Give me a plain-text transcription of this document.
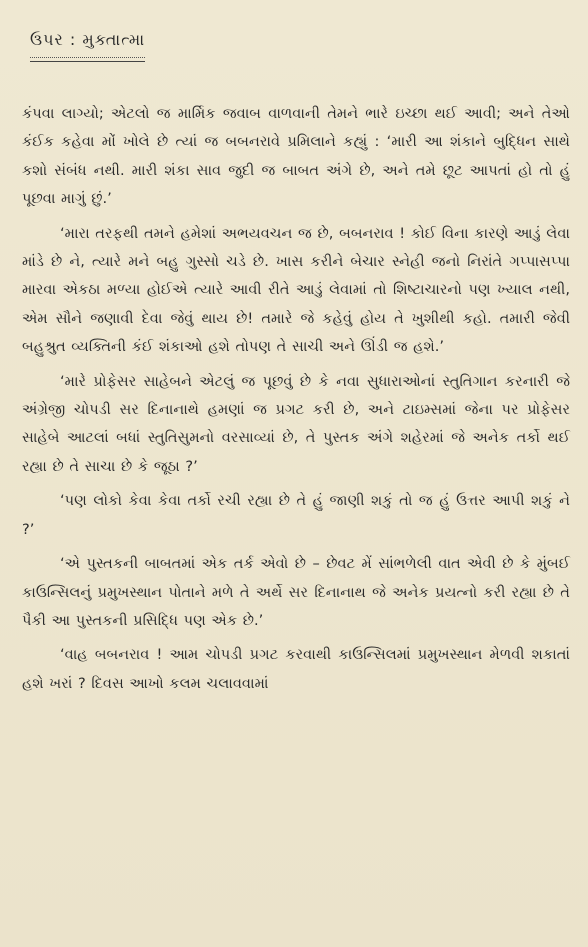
ઉપર : મુક્તાત્મા

કંપવા લાગ્યો; એટલો જ માર્મિક જવાબ વાળવાની તેમને ભારે ઇચ્છા થઈ આવી; અને તેઓ કંઈક કહેવા મોં ખોલે છે ત્યાં જ બબનરાવે પ્રમિલાને કહ્યું : ‘મારી આ શંકાને બુદ્ધિન સાથે કશો સંબંધ નથી. મારી શંકા સાવ જુદી જ બાબત અંગે છે, અને તમે છૂટ આપતાં હો તો હું પૂછવા માગું છું.’

‘મારા તરફથી તમને હમેશાં અભયવચન જ છે, બબનરાવ ! કોઈ વિના કારણે આડું લેવા માંડે છે ને, ત્યારે મને બહુ ગુસ્સો ચડે છે. ખાસ કરીને બેચાર સ્નેહી જનો નિરાંતે ગપ્પાસપ્પા મારવા એકઠા મળ્યા હોઈએ ત્યારે આવી રીતે આડું લેવામાં તો શિષ્ટાચારનો પણ ખ્યાલ નથી, એમ સૌને જણાવી દેવા જેવું થાય છે! તમારે જે કહેવું હોય તે ખુશીથી કહો. તમારી જેવી બહુશ્રુત વ્યક્તિની કંઈ શંકાઓ હશે તોપણ તે સાચી અને ઊંડી જ હશે.’

‘મારે પ્રોફેસર સાહેબને એટલું જ પૂછવું છે કે નવા સુધારાઓનાં સ્તુતિગાન કરનારી જે અંગ્રેજી ચોપડી સર દિનાનાથે હમણાં જ પ્રગટ કરી છે, અને ટાઇમ્સમાં જેના પર પ્રોફેસર સાહેબે આટલાં બધાં સ્તુતિસુમનો વરસાવ્યાં છે, તે પુસ્તક અંગે શહેરમાં જે અનેક તર્કો થઈ રહ્યા છે તે સાચા છે કે જૂઠા ?’

‘પણ લોકો કેવા કેવા તર્કો રચી રહ્યા છે તે હું જાણી શકું તો જ હું ઉત્તર આપી શકું ને ?’

‘એ પુસ્તકની બાબતમાં એક તર્ક એવો છે – છેવટ મેં સાંભળેલી વાત એવી છે કે મુંબઈ કાઉન્સિલનું પ્રમુખસ્થાન પોતાને મળે તે અર્થે સર દિનાનાથ જે અનેક પ્રયત્નો કરી રહ્યા છે તે પૈકી આ પુસ્તકની પ્રસિદ્ધિ પણ એક છે.’

‘વાહ બબનરાવ ! આમ ચોપડી પ્રગટ કરવાથી કાઉન્સિલમાં પ્રમુખસ્થાન મેળવી શકાતાં હશે ખરાં ? દિવસ આખો કલમ ચલાવવામાં
